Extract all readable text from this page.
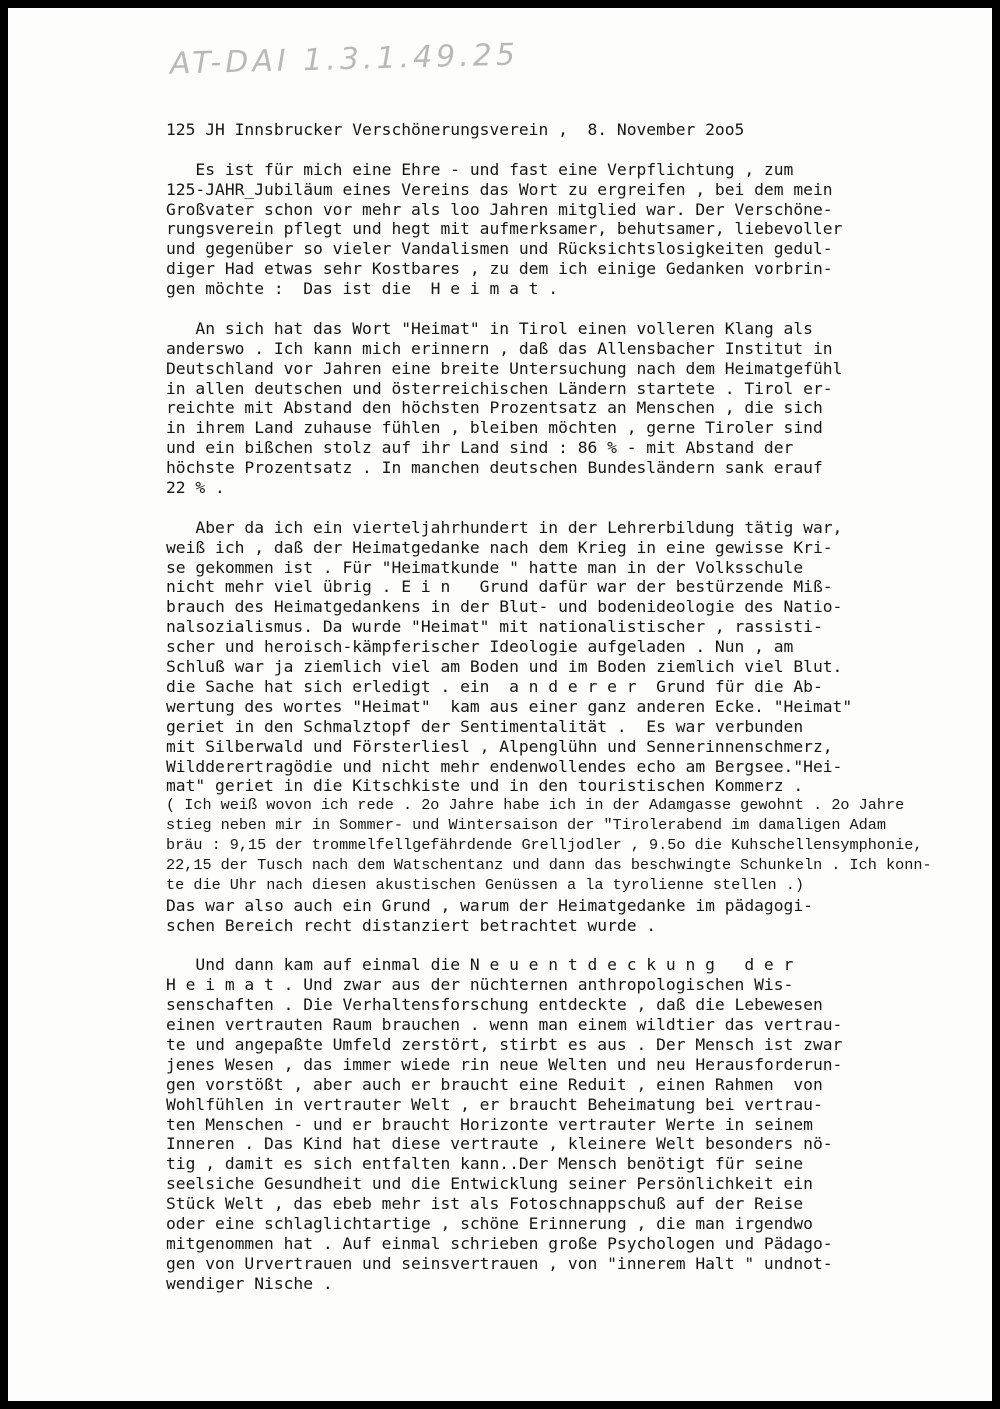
AT-DAI 1.3.1.49.25
125 JH Innsbrucker Verschönerungsverein ,  8. November 2oo5
Es ist für mich eine Ehre - und fast eine Verpflichtung , zum
125-JAHR_Jubiläum eines Vereins das Wort zu ergreifen , bei dem mein
Großvater schon vor mehr als loo Jahren mitglied war. Der Verschöne-
rungsverein pflegt und hegt mit aufmerksamer, behutsamer, liebevoller
und gegenüber so vieler Vandalismen und Rücksichtslosigkeiten gedul-
diger Had etwas sehr Kostbares , zu dem ich einige Gedanken vorbrin-
gen möchte :  Das ist die  H e i m a t .
An sich hat das Wort "Heimat" in Tirol einen volleren Klang als
anderswo . Ich kann mich erinnern , daß das Allensbacher Institut in
Deutschland vor Jahren eine breite Untersuchung nach dem Heimatgefühl
in allen deutschen und österreichischen Ländern startete . Tirol er-
reichte mit Abstand den höchsten Prozentsatz an Menschen , die sich
in ihrem Land zuhause fühlen , bleiben möchten , gerne Tiroler sind
und ein bißchen stolz auf ihr Land sind : 86 % - mit Abstand der
höchste Prozentsatz . In manchen deutschen Bundesländern sank erauf
22 % .
Aber da ich ein vierteljahrhundert in der Lehrerbildung tätig war,
weiß ich , daß der Heimatgedanke nach dem Krieg in eine gewisse Kri-
se gekommen ist . Für "Heimatkunde " hatte man in der Volksschule
nicht mehr viel übrig . E i n   Grund dafür war der bestürzende Miß-
brauch des Heimatgedankens in der Blut- und bodenideologie des Natio-
nalsozialismus. Da wurde "Heimat" mit nationalistischer , rassisti-
scher und heroisch-kämpferischer Ideologie aufgeladen . Nun , am
Schluß war ja ziemlich viel am Boden und im Boden ziemlich viel Blut.
die Sache hat sich erledigt . ein  a n d e r e r  Grund für die Ab-
wertung des wortes "Heimat"  kam aus einer ganz anderen Ecke. "Heimat"
geriet in den Schmalztopf der Sentimentalität .  Es war verbunden
mit Silberwald und Försterliesl , Alpenglühn und Sennerinnenschmerz,
Wildderertragödie und nicht mehr endenwollendes echo am Bergsee."Hei-
mat" geriet in die Kitschkiste und in den touristischen Kommerz .
( Ich weiß wovon ich rede . 2o Jahre habe ich in der Adamgasse gewohnt . 2o Jahre
stieg neben mir in Sommer- und Wintersaison der "Tirolerabend im damaligen Adam
bräu : 9,15 der trommelfellgefährdende Grelljodler , 9.5o die Kuhschellensymphonie,
22,15 der Tusch nach dem Watschentanz und dann das beschwingte Schunkeln . Ich konn-
te die Uhr nach diesen akustischen Genüssen a la tyrolienne stellen .)
Das war also auch ein Grund , warum der Heimatgedanke im pädagogi-
schen Bereich recht distanziert betrachtet wurde .
Und dann kam auf einmal die N e u e n t d e c k u n g   d e r
H e i m a t . Und zwar aus der nüchternen anthropologischen Wis-
senschaften . Die Verhaltensforschung entdeckte , daß die Lebewesen
einen vertrauten Raum brauchen . wenn man einem wildtier das vertrau-
te und angepaßte Umfeld zerstört, stirbt es aus . Der Mensch ist zwar
jenes Wesen , das immer wiede rin neue Welten und neu Herausforderun-
gen vorstößt , aber auch er braucht eine Reduit , einen Rahmen  von
Wohlfühlen in vertrauter Welt , er braucht Beheimatung bei vertrau-
ten Menschen - und er braucht Horizonte vertrauter Werte in seinem
Inneren . Das Kind hat diese vertraute , kleinere Welt besonders nö-
tig , damit es sich entfalten kann..Der Mensch benötigt für seine
seelsiche Gesundheit und die Entwicklung seiner Persönlichkeit ein
Stück Welt , das ebeb mehr ist als Fotoschnappschuß auf der Reise
oder eine schlaglichtartige , schöne Erinnerung , die man irgendwo
mitgenommen hat . Auf einmal schrieben große Psychologen und Pädago-
gen von Urvertrauen und seinsvertrauen , von "innerem Halt " undnot-
wendiger Nische .
